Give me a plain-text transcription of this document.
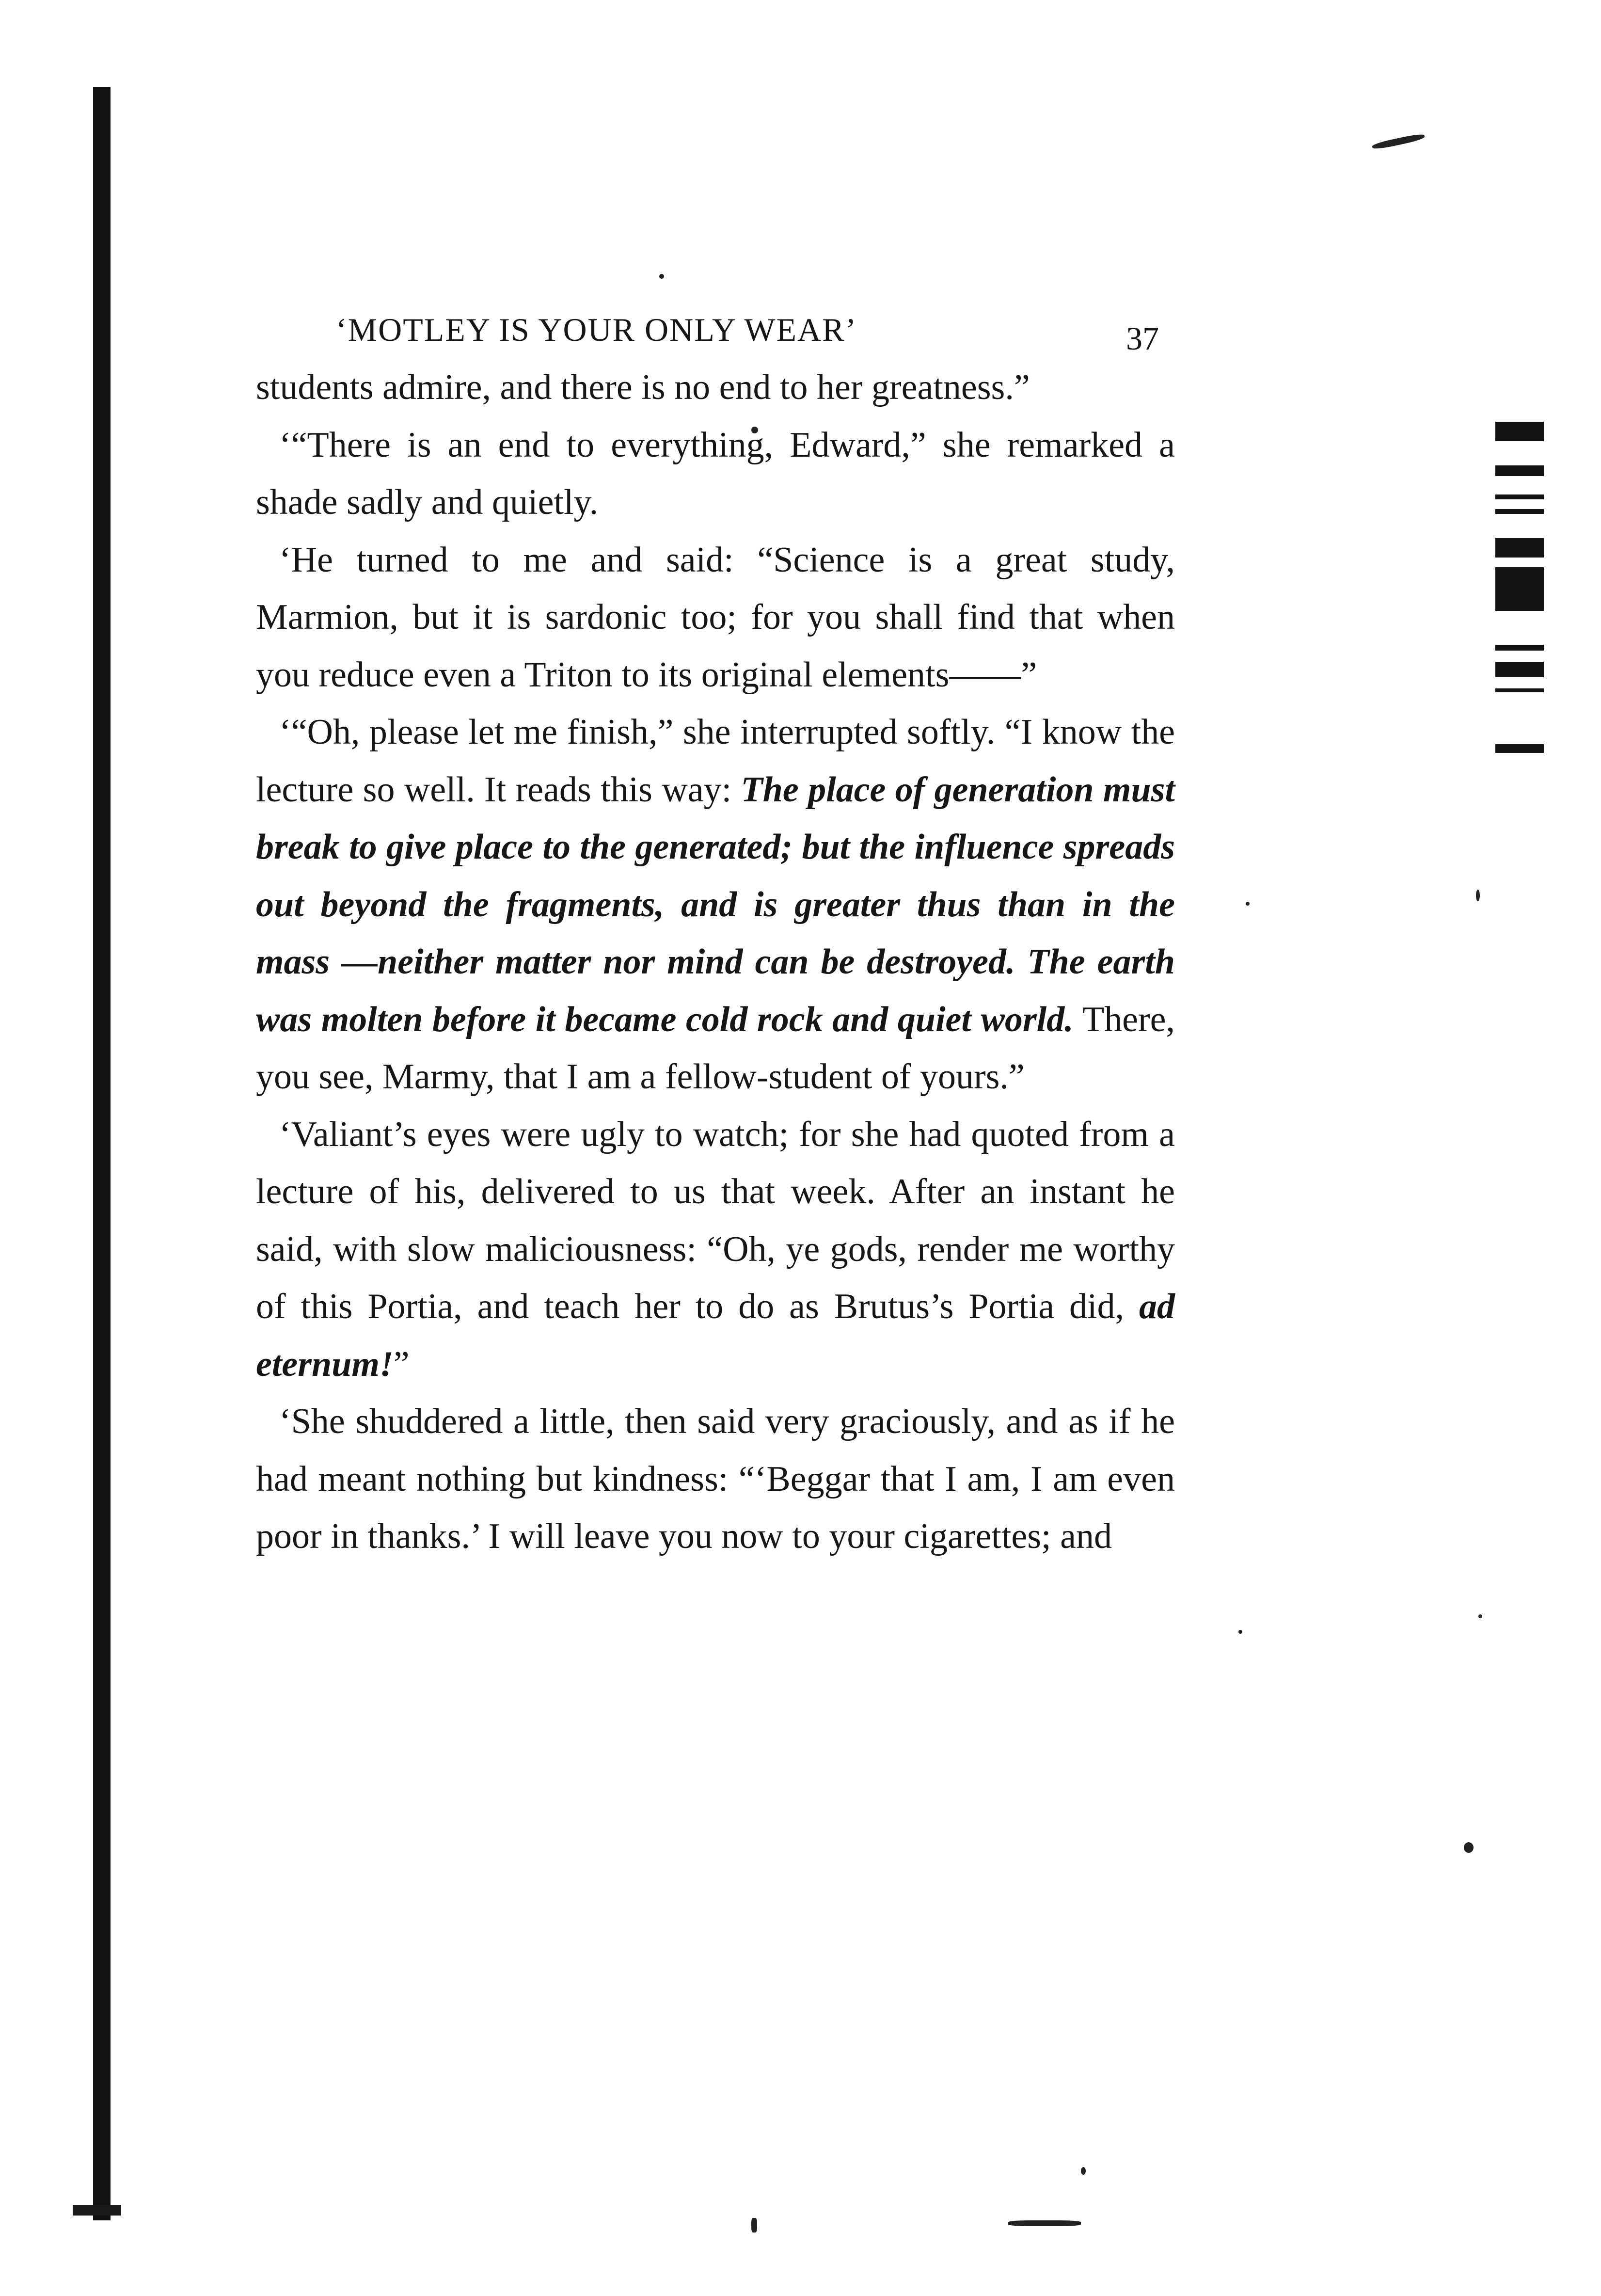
‘MOTLEY IS YOUR ONLY WEAR’	37

students admire, and there is no end to her greatness.”

‘“There is an end to everything, Edward,” she remarked a shade sadly and quietly.

‘He turned to me and said: “Science is a great study, Marmion, but it is sardonic too; for you shall find that when you reduce even a Triton to its original elements——”

‘“Oh, please let me finish,” she interrupted softly. “I know the lecture so well. It reads this way: The place of generation must break to give place to the generated; but the influence spreads out beyond the fragments, and is greater thus than in the mass —neither matter nor mind can be destroyed. The earth was molten before it became cold rock and quiet world. There, you see, Marmy, that I am a fellow-student of yours.”

‘Valiant’s eyes were ugly to watch; for she had quoted from a lecture of his, delivered to us that week. After an instant he said, with slow maliciousness: “Oh, ye gods, render me worthy of this Portia, and teach her to do as Brutus’s Portia did, ad eternum!”

‘She shuddered a little, then said very graciously, and as if he had meant nothing but kindness: “‘Beggar that I am, I am even poor in thanks.’ I will leave you now to your cigarettes; and
